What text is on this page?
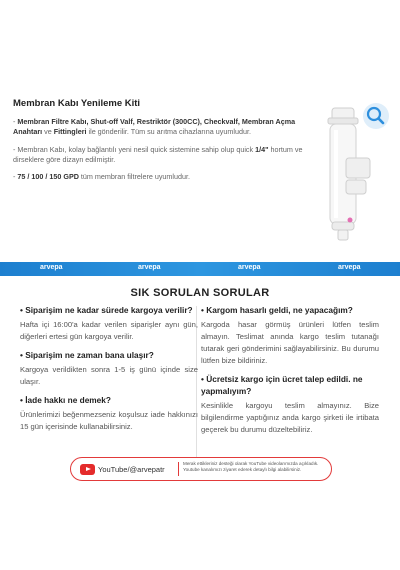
Membran Kabı Yenileme Kiti
- Membran Filtre Kabı, Shut-off Valf, Restriktör (300CC), Checkvalf, Membran Açma Anahtarı ve Fittingleri ile gönderilir. Tüm su arıtma cihazlarına uyumludur.
- Membran Kabı, kolay bağlantılı yeni nesil quick sistemine sahip olup quick 1/4" hortum ve dirseklere göre dizayn edilmiştir.
- 75 / 100 / 150 GPD tüm membran filtrelere uyumludur.
arvepa	arvepa	arvepa	arvepa
SIK SORULAN SORULAR
• Siparişim ne kadar sürede kargoya verilir?
Hafta içi 16:00'a kadar verilen siparişler aynı gün, diğerleri ertesi gün kargoya verilir.
• Siparişim ne zaman bana ulaşır?
Kargoya verildikten sonra 1-5 iş günü içinde size ulaşır.
• İade hakkı ne demek?
Ürünlerimizi beğenmezseniz koşulsuz iade hakkınızı 15 gün içerisinde kullanabilirsiniz.
• Kargom hasarlı geldi, ne yapacağım?
Kargoda hasar görmüş ürünleri lütfen teslim almayın. Teslimat anında kargo teslim tutanağı tutarak geri gönderimini sağlayabilirsiniz. Bu durumu lütfen bize bildiriniz.
• Ücretsiz kargo için ücret talep edildi. ne yapmalıyım?
Kesinlikle kargoyu teslim almayınız. Bize bilgilendirme yaptığınız anda kargo şirketi ile irtibata geçerek bu durumu düzeltebiliriz.
YouTube/@arvepatr
Merak ettikleriniz desteği olarak YouTube videolarımızda açıkladık. Youtube kanalımızı ziyaret ederek detaylı bilgi alabilirsiniz.
